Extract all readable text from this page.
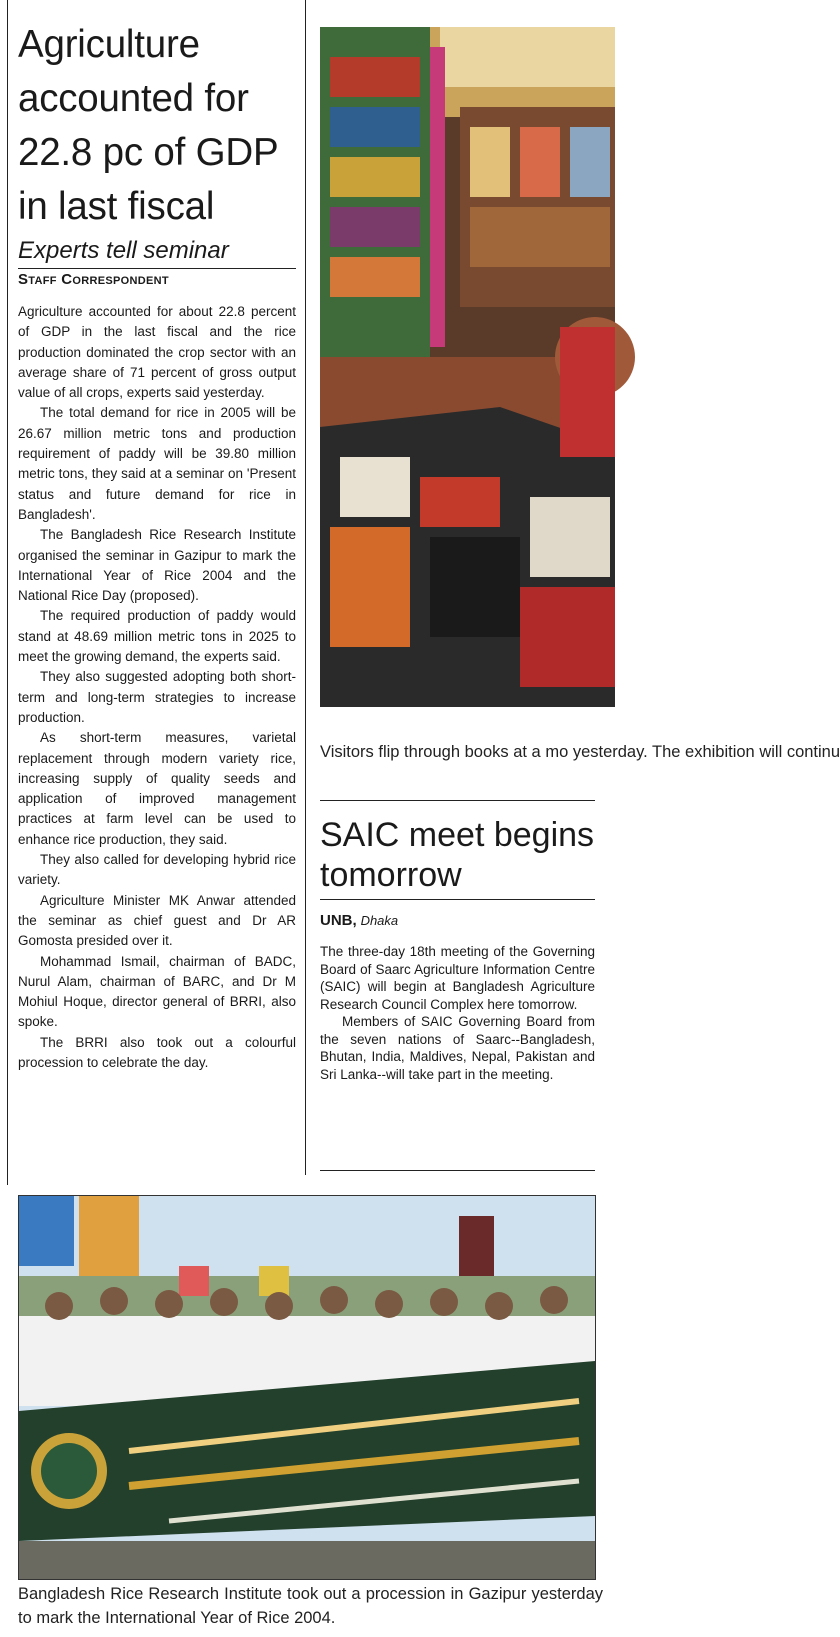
Agriculture accounted for 22.8 pc of GDP in last fiscal
Experts tell seminar
Staff Correspondent

Agriculture accounted for about 22.8 percent of GDP in the last fiscal and the rice production dominated the crop sector with an average share of 71 percent of gross output value of all crops, experts said yesterday.

The total demand for rice in 2005 will be 26.67 million metric tons and production requirement of paddy will be 39.80 million metric tons, they said at a seminar on 'Present status and future demand for rice in Bangladesh'.

The Bangladesh Rice Research Institute organised the seminar in Gazipur to mark the International Year of Rice 2004 and the National Rice Day (proposed).

The required production of paddy would stand at 48.69 million metric tons in 2025 to meet the growing demand, the experts said.

They also suggested adopting both short-term and long-term strategies to increase production.

As short-term measures, varietal replacement through modern variety rice, increasing supply of quality seeds and application of improved management practices at farm level can be used to enhance rice production, they said.

They also called for developing hybrid rice variety.

Agriculture Minister MK Anwar attended the seminar as chief guest and Dr AR Gomosta presided over it.

Mohammad Ismail, chairman of BADC, Nurul Alam, chairman of BARC, and Dr M Mohiul Hoque, director general of BRRI, also spoke.

The BRRI also took out a colourful procession to celebrate the day.

Visitors flip through books at a mo yesterday. The exhibition will continu
SAIC meet begins tomorrow
UNB, Dhaka

The three-day 18th meeting of the Governing Board of Saarc Agriculture Information Centre (SAIC) will begin at Bangladesh Agriculture Research Council Complex here tomorrow.

Members of SAIC Governing Board from the seven nations of Saarc--Bangladesh, Bhutan, India, Maldives, Nepal, Pakistan and Sri Lanka--will take part in the meeting.

Bangladesh Rice Research Institute took out a procession in Gazipur yesterday to mark the International Year of Rice 2004.
